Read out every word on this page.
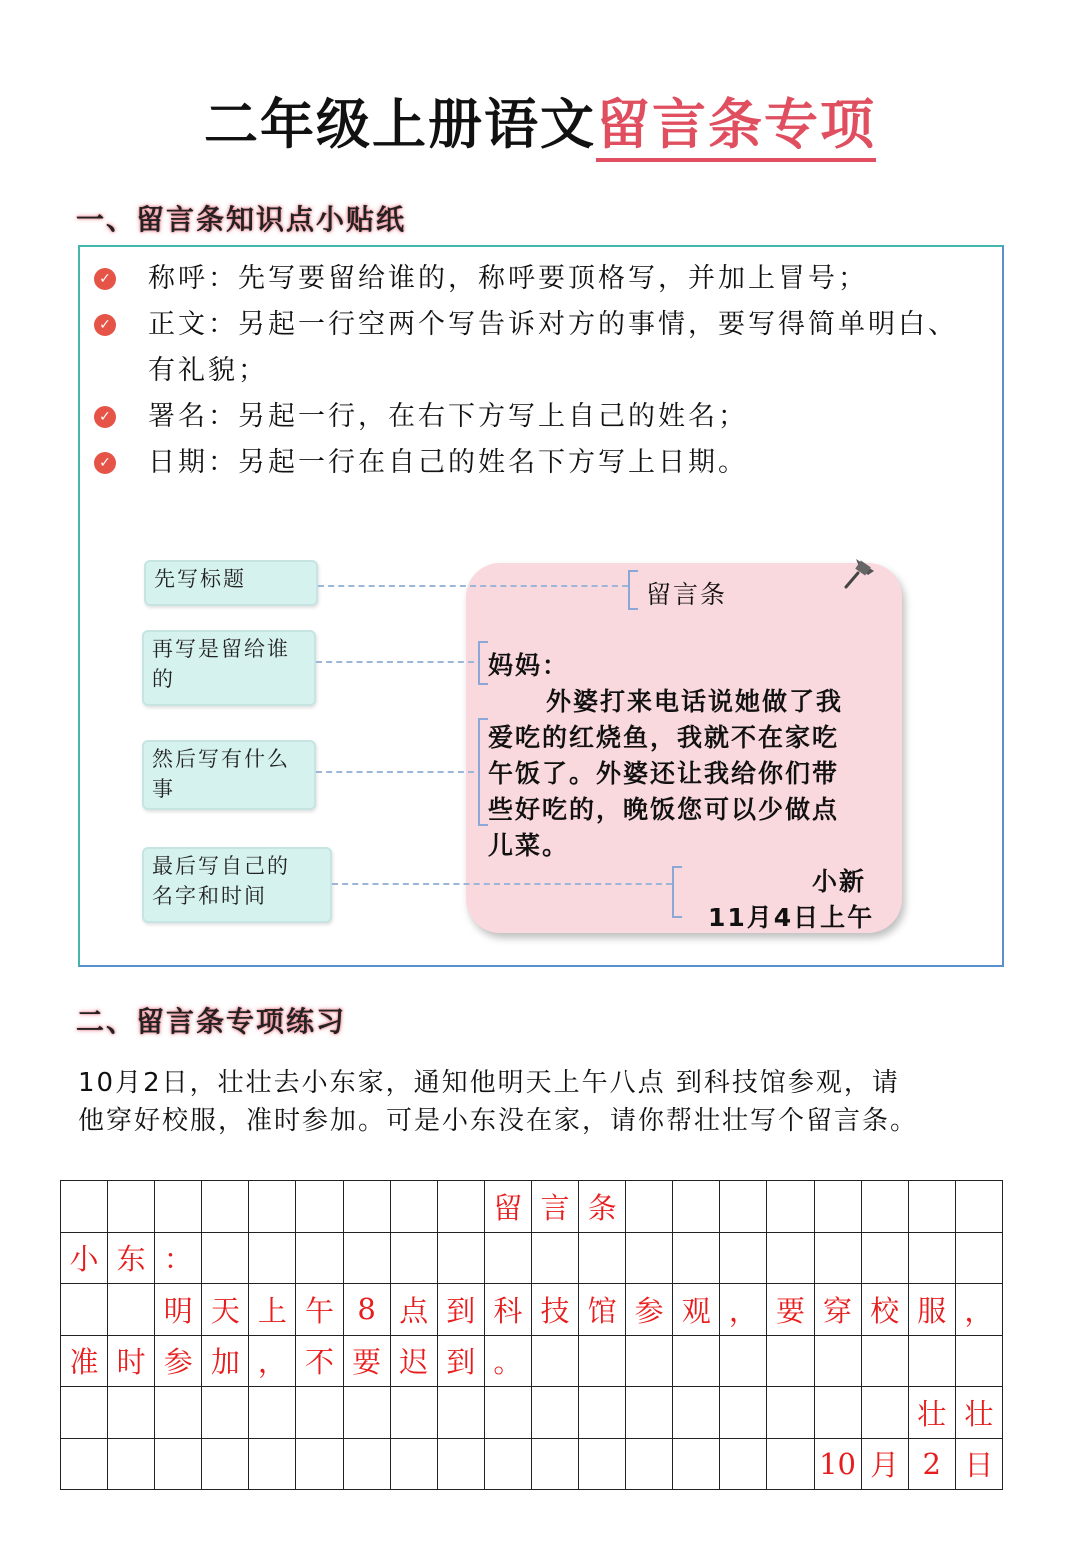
二年级上册语文留言条专项
一、留言条知识点小贴纸
✓ 称呼：先写要留给谁的，称呼要顶格写，并加上冒号；
✓ 正文：另起一行空两个写告诉对方的事情，要写得简单明白、
有礼貌；
✓ 署名：另起一行，在右下方写上自己的姓名；
✓ 日期：另起一行在自己的姓名下方写上日期。
先写标题
再写是留给谁
的
然后写有什么
事
最后写自己的
名字和时间
留言条
妈妈：
外婆打来电话说她做了我
爱吃的红烧鱼，我就不在家吃
午饭了。外婆还让我给你们带
些好吃的，晚饭您可以少做点
儿菜。
小新
11月4日上午
二、留言条专项练习
10月2日，壮壮去小东家，通知他明天上午八点 到科技馆参观，请
他穿好校服，准时参加。可是小东没在家，请你帮壮壮写个留言条。
									留	言	条								
小	东	：																	
		明	天	上	午	8	点	到	科	技	馆	参	观	，	要	穿	校	服	，
准	时	参	加	，	不	要	迟	到	。										
																		壮	壮
																10	月	2	日
